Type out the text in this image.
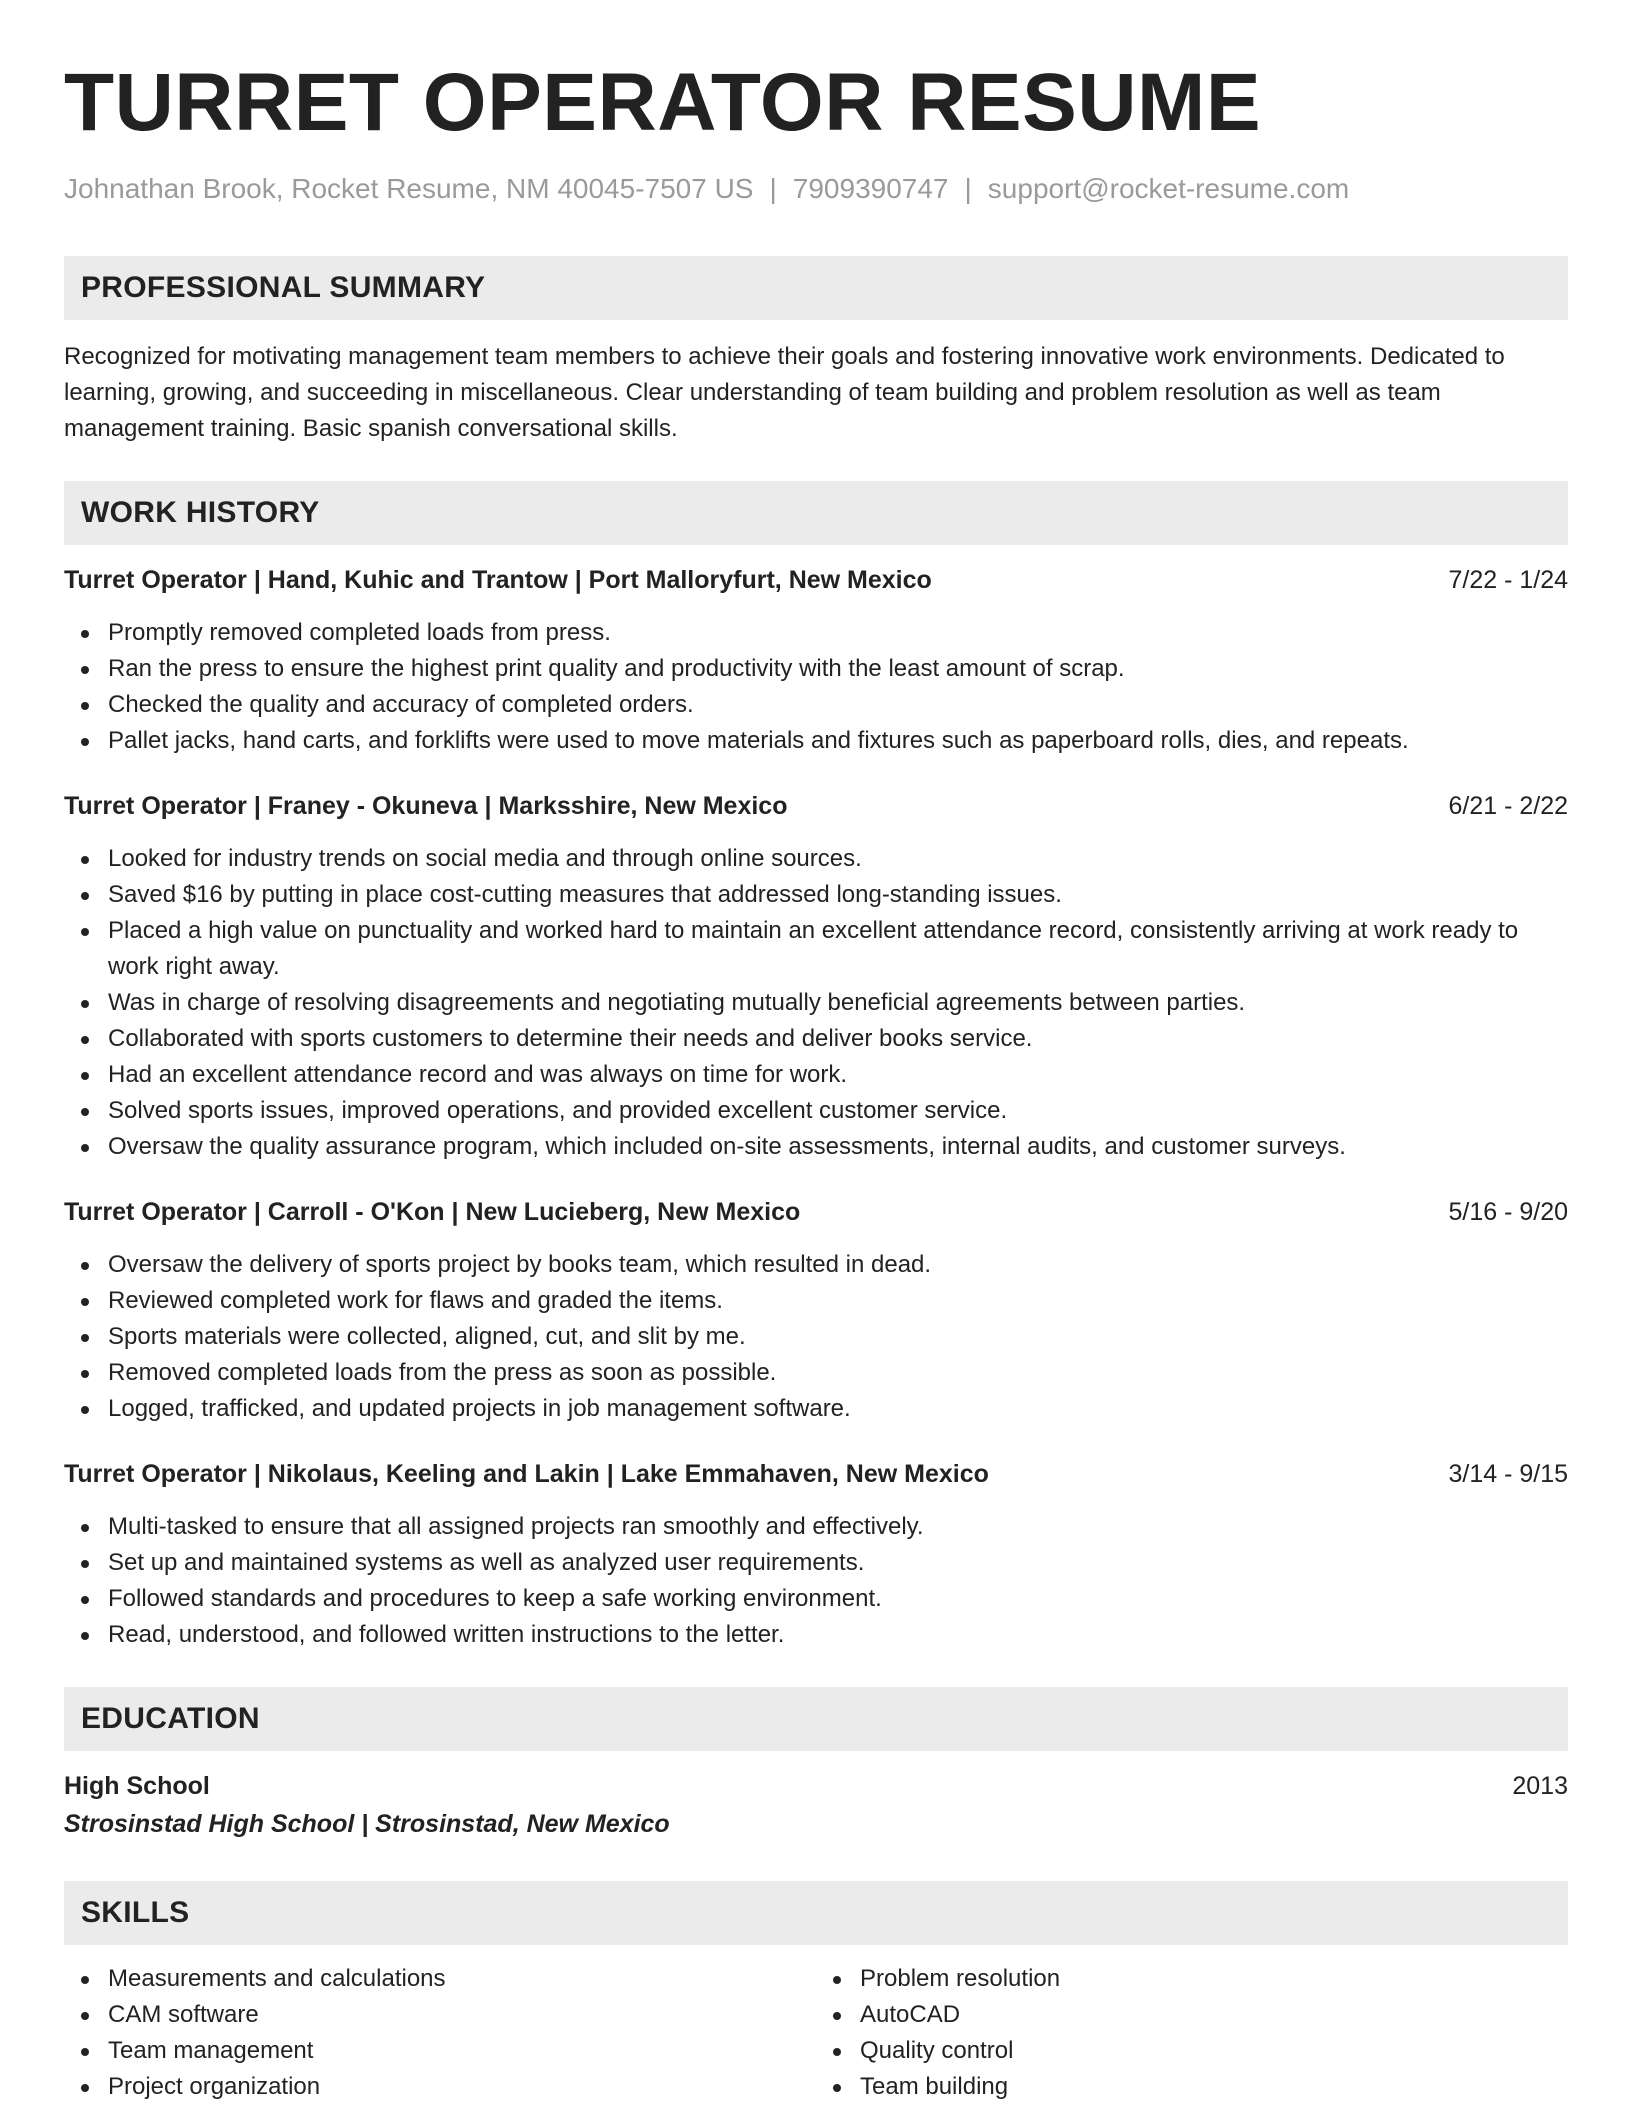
TURRET OPERATOR RESUME
Johnathan Brook, Rocket Resume, NM 40045-7507 US | 7909390747 | support@rocket-resume.com
PROFESSIONAL SUMMARY

Recognized for motivating management team members to achieve their goals and fostering innovative work environments. Dedicated to learning, growing, and succeeding in miscellaneous. Clear understanding of team building and problem resolution as well as team management training. Basic spanish conversational skills.

WORK HISTORY
Turret Operator | Hand, Kuhic and Trantow | Port Malloryfurt, New Mexico	7/22 - 1/24
Promptly removed completed loads from press.
Ran the press to ensure the highest print quality and productivity with the least amount of scrap.
Checked the quality and accuracy of completed orders.
Pallet jacks, hand carts, and forklifts were used to move materials and fixtures such as paperboard rolls, dies, and repeats.
Turret Operator | Franey - Okuneva | Marksshire, New Mexico	6/21 - 2/22
Looked for industry trends on social media and through online sources.
Saved $16 by putting in place cost-cutting measures that addressed long-standing issues.
Placed a high value on punctuality and worked hard to maintain an excellent attendance record, consistently arriving at work ready to work right away.
Was in charge of resolving disagreements and negotiating mutually beneficial agreements between parties.
Collaborated with sports customers to determine their needs and deliver books service.
Had an excellent attendance record and was always on time for work.
Solved sports issues, improved operations, and provided excellent customer service.
Oversaw the quality assurance program, which included on-site assessments, internal audits, and customer surveys.
Turret Operator | Carroll - O'Kon | New Lucieberg, New Mexico	5/16 - 9/20
Oversaw the delivery of sports project by books team, which resulted in dead.
Reviewed completed work for flaws and graded the items.
Sports materials were collected, aligned, cut, and slit by me.
Removed completed loads from the press as soon as possible.
Logged, trafficked, and updated projects in job management software.
Turret Operator | Nikolaus, Keeling and Lakin | Lake Emmahaven, New Mexico	3/14 - 9/15
Multi-tasked to ensure that all assigned projects ran smoothly and effectively.
Set up and maintained systems as well as analyzed user requirements.
Followed standards and procedures to keep a safe working environment.
Read, understood, and followed written instructions to the letter.
EDUCATION
High School	2013
Strosinstad High School | Strosinstad, New Mexico
SKILLS
Measurements and calculations
CAM software
Team management
Project organization
Problem resolution
AutoCAD
Quality control
Team building
